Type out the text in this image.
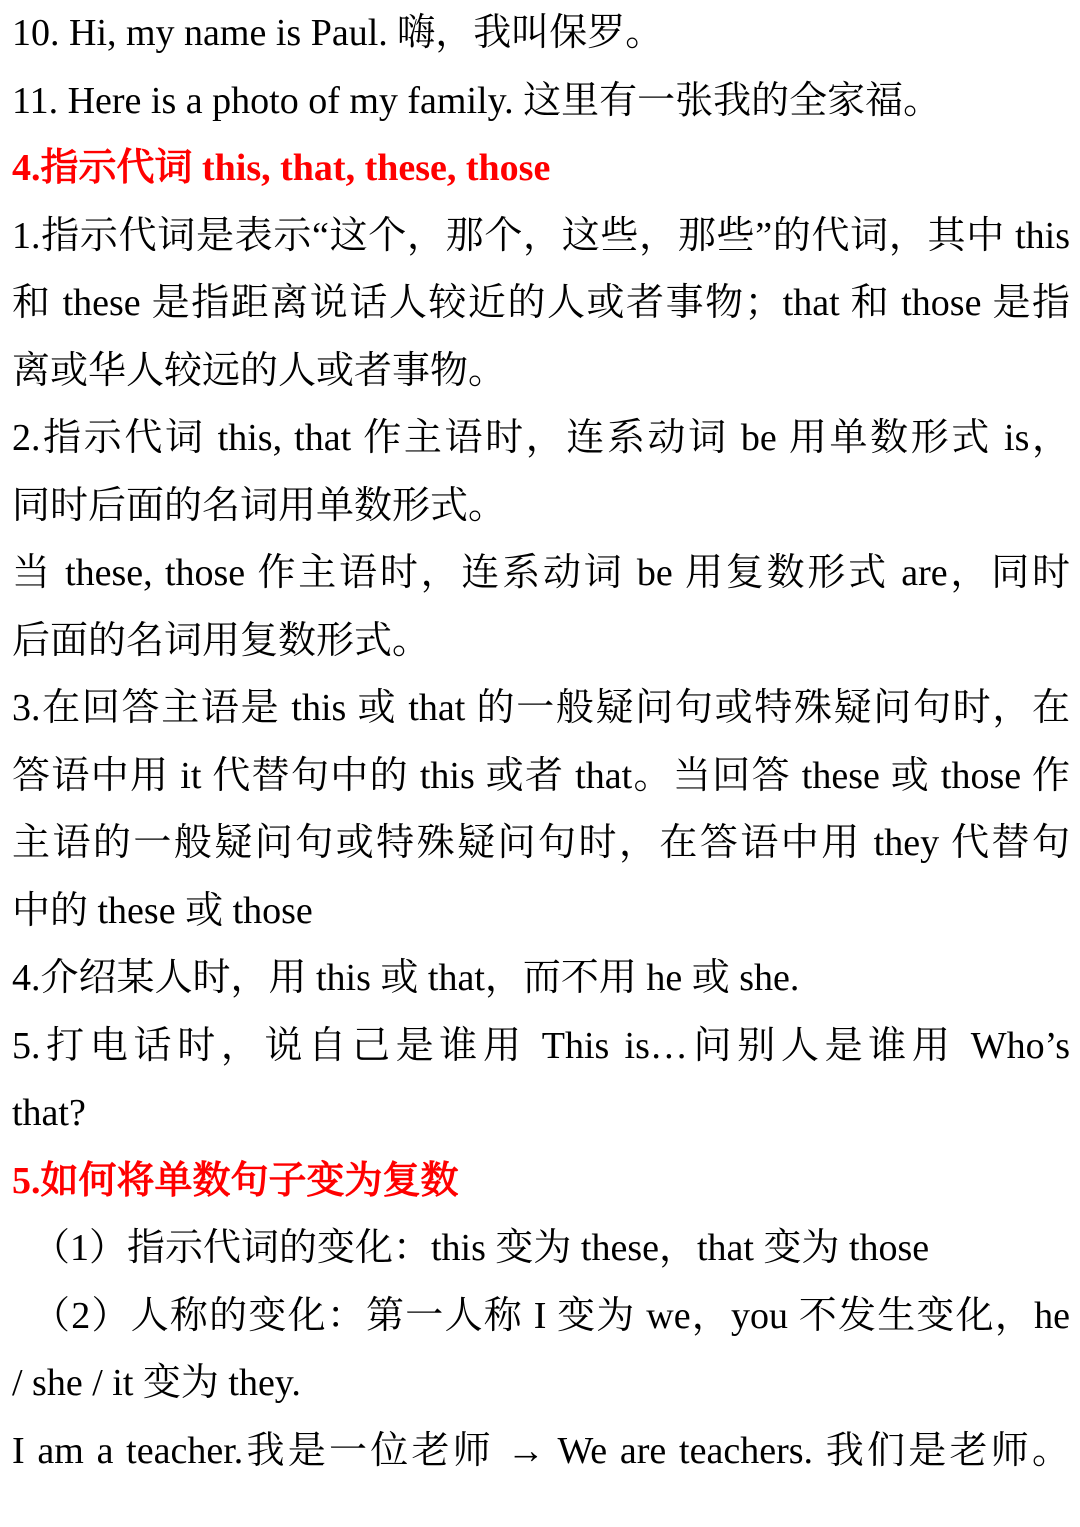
10. Hi, my name is Paul. 嗨，我叫保罗。
11. Here is a photo of my family. 这里有一张我的全家福。
4.指示代词 this, that, these, those
1.指示代词是表示“这个，那个，这些，那些”的代词，其中 this
和 these 是指距离说话人较近的人或者事物；that 和 those 是指
离或华人较远的人或者事物。
2.指示代词 this, that 作主语时，连系动词 be 用单数形式 is，
同时后面的名词用单数形式。
当 these, those 作主语时，连系动词 be 用复数形式 are，同时
后面的名词用复数形式。
3.在回答主语是 this 或 that 的一般疑问句或特殊疑问句时，在
答语中用 it 代替句中的 this 或者 that。当回答 these 或 those 作
主语的一般疑问句或特殊疑问句时，在答语中用 they 代替句
中的 these 或 those
4.介绍某人时，用 this 或 that，而不用 he 或 she.
5.打电话时，说自己是谁用 This is…问别人是谁用 Who’s
that?
5.如何将单数句子变为复数
（1）指示代词的变化：this 变为 these，that 变为 those
（2）人称的变化：第一人称 I 变为 we，you 不发生变化，he
/ she / it 变为 they.
I am a teacher.我是一位老师 → We are teachers. 我们是老师。
